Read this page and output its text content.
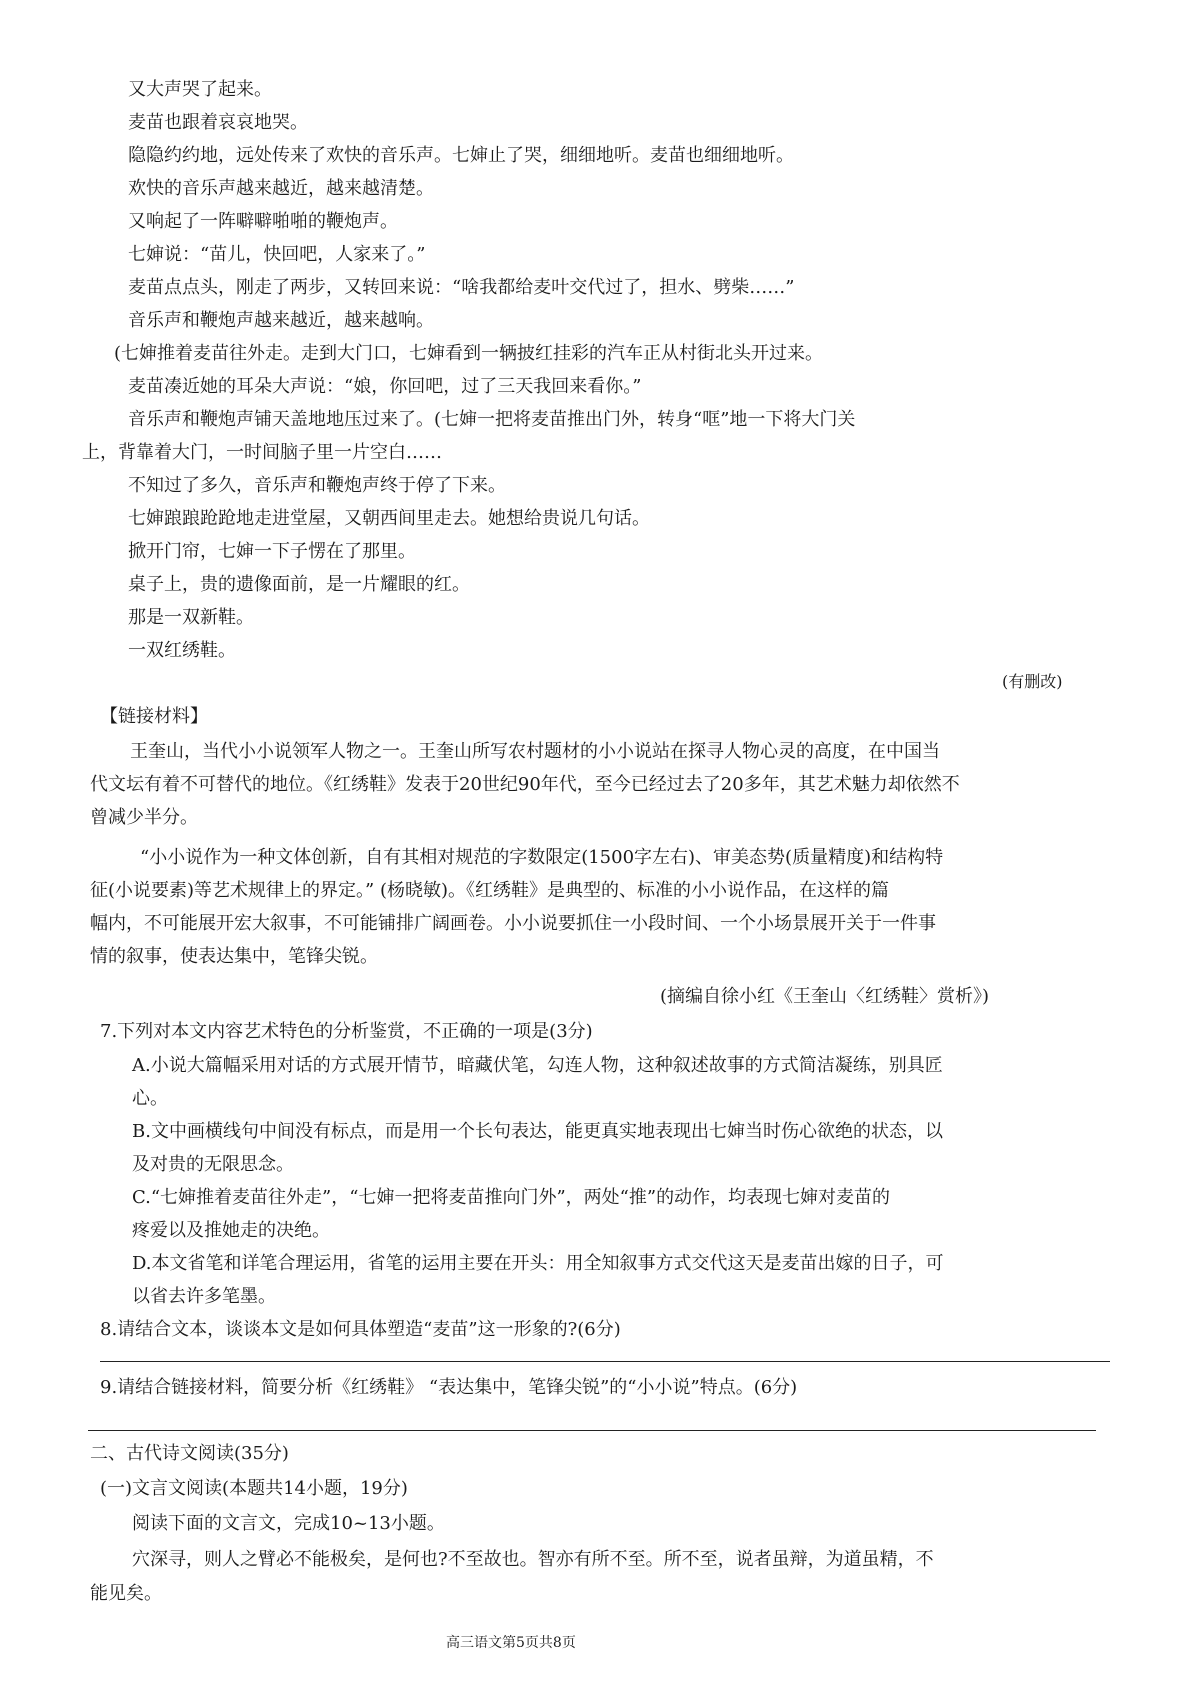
又大声哭了起来。
麦苗也跟着哀哀地哭。
隐隐约约地，远处传来了欢快的音乐声。七婶止了哭，细细地听。麦苗也细细地听。
欢快的音乐声越来越近，越来越清楚。
又响起了一阵噼噼啪啪的鞭炮声。
七婶说：“苗儿，快回吧，人家来了。”
麦苗点点头，刚走了两步，又转回来说：“啥我都给麦叶交代过了，担水、劈柴……”
音乐声和鞭炮声越来越近，越来越响。
(七婶推着麦苗往外走。走到大门口，七婶看到一辆披红挂彩的汽车正从村街北头开过来。
麦苗凑近她的耳朵大声说：“娘，你回吧，过了三天我回来看你。”
音乐声和鞭炮声铺天盖地地压过来了。(七婶一把将麦苗推出门外，转身“哐”地一下将大门关
上，背靠着大门，一时间脑子里一片空白……
不知过了多久，音乐声和鞭炮声终于停了下来。
七婶踉踉跄跄地走进堂屋，又朝西间里走去。她想给贵说几句话。
掀开门帘，七婶一下子愣在了那里。
桌子上，贵的遗像面前，是一片耀眼的红。
那是一双新鞋。
一双红绣鞋。
(有删改)
【链接材料】
王奎山，当代小小说领军人物之一。王奎山所写农村题材的小小说站在探寻人物心灵的高度，在中国当
代文坛有着不可替代的地位。《红绣鞋》发表于20世纪90年代，至今已经过去了20多年，其艺术魅力却依然不
曾减少半分。
“小小说作为一种文体创新，自有其相对规范的字数限定(1500字左右)、审美态势(质量精度)和结构特
征(小说要素)等艺术规律上的界定。” (杨晓敏)。《红绣鞋》是典型的、标准的小小说作品，在这样的篇
幅内，不可能展开宏大叙事，不可能铺排广阔画卷。小小说要抓住一小段时间、一个小场景展开关于一件事
情的叙事，使表达集中，笔锋尖锐。
(摘编自徐小红《王奎山〈红绣鞋〉赏析》)
7.下列对本文内容艺术特色的分析鉴赏，不正确的一项是(3分)
A.小说大篇幅采用对话的方式展开情节，暗藏伏笔，勾连人物，这种叙述故事的方式简洁凝练，别具匠
心。
B.文中画横线句中间没有标点，而是用一个长句表达，能更真实地表现出七婶当时伤心欲绝的状态，以
及对贵的无限思念。
C.“七婶推着麦苗往外走”，“七婶一把将麦苗推向门外”，两处“推”的动作，均表现七婶对麦苗的
疼爱以及推她走的决绝。
D.本文省笔和详笔合理运用，省笔的运用主要在开头：用全知叙事方式交代这天是麦苗出嫁的日子，可
以省去许多笔墨。
8.请结合文本，谈谈本文是如何具体塑造“麦苗”这一形象的?(6分)
9.请结合链接材料，简要分析《红绣鞋》 “表达集中，笔锋尖锐”的“小小说”特点。(6分)
二、古代诗文阅读(35分)
(一)文言文阅读(本题共14小题，19分)
阅读下面的文言文，完成10~13小题。
穴深寻，则人之臂必不能极矣，是何也?不至故也。智亦有所不至。所不至，说者虽辩，为道虽精，不
能见矣。
高三语文第5页共8页
